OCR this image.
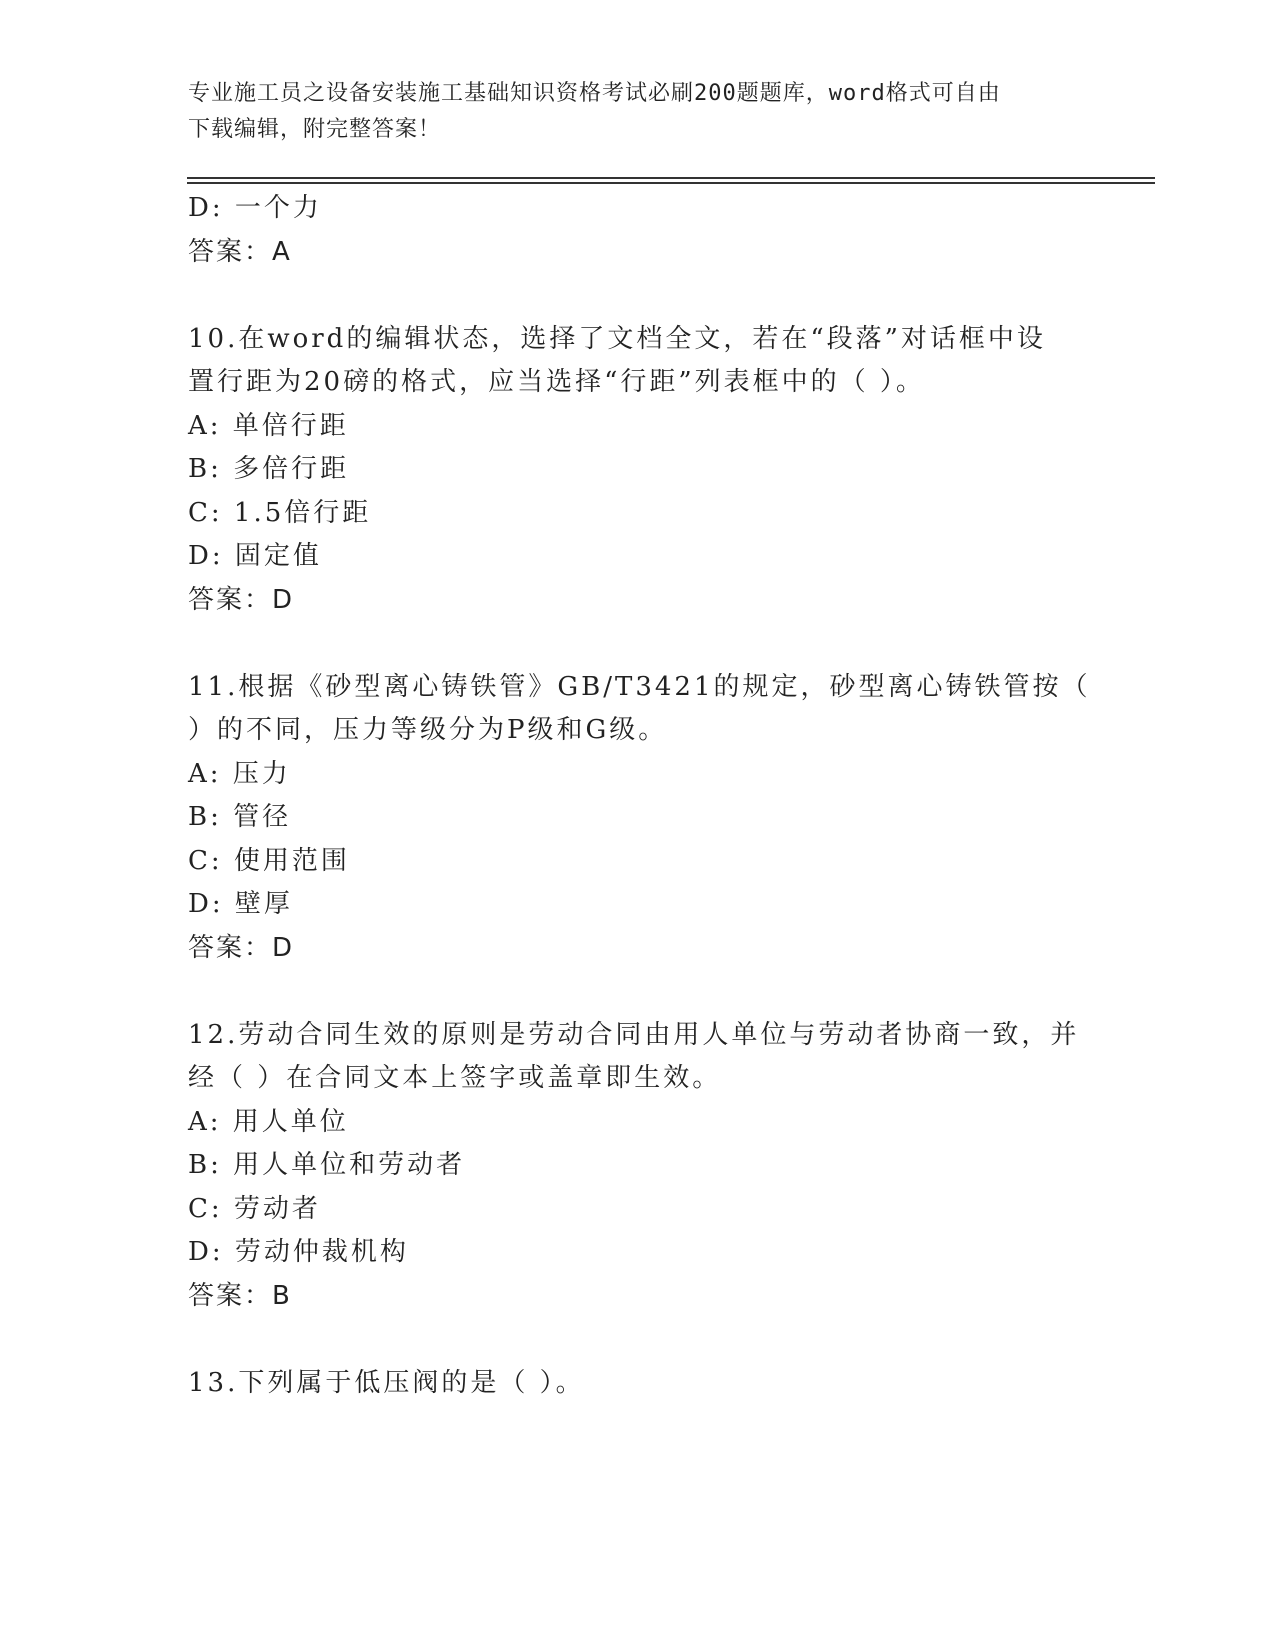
专业施工员之设备安装施工基础知识资格考试必刷200题题库，word格式可自由
下载编辑，附完整答案！
D: 一个力
答案：A
10.在word的编辑状态，选择了文档全文，若在“段落”对话框中设
置行距为20磅的格式，应当选择“行距”列表框中的（ ）。
A: 单倍行距
B: 多倍行距
C: 1.5倍行距
D: 固定值
答案：D
11.根据《砂型离心铸铁管》GB/T3421的规定，砂型离心铸铁管按（
）的不同，压力等级分为P级和G级。
A: 压力
B: 管径
C: 使用范围
D: 壁厚
答案：D
12.劳动合同生效的原则是劳动合同由用人单位与劳动者协商一致，并
经（ ）在合同文本上签字或盖章即生效。
A: 用人单位
B: 用人单位和劳动者
C: 劳动者
D: 劳动仲裁机构
答案：B
13.下列属于低压阀的是（ ）。
